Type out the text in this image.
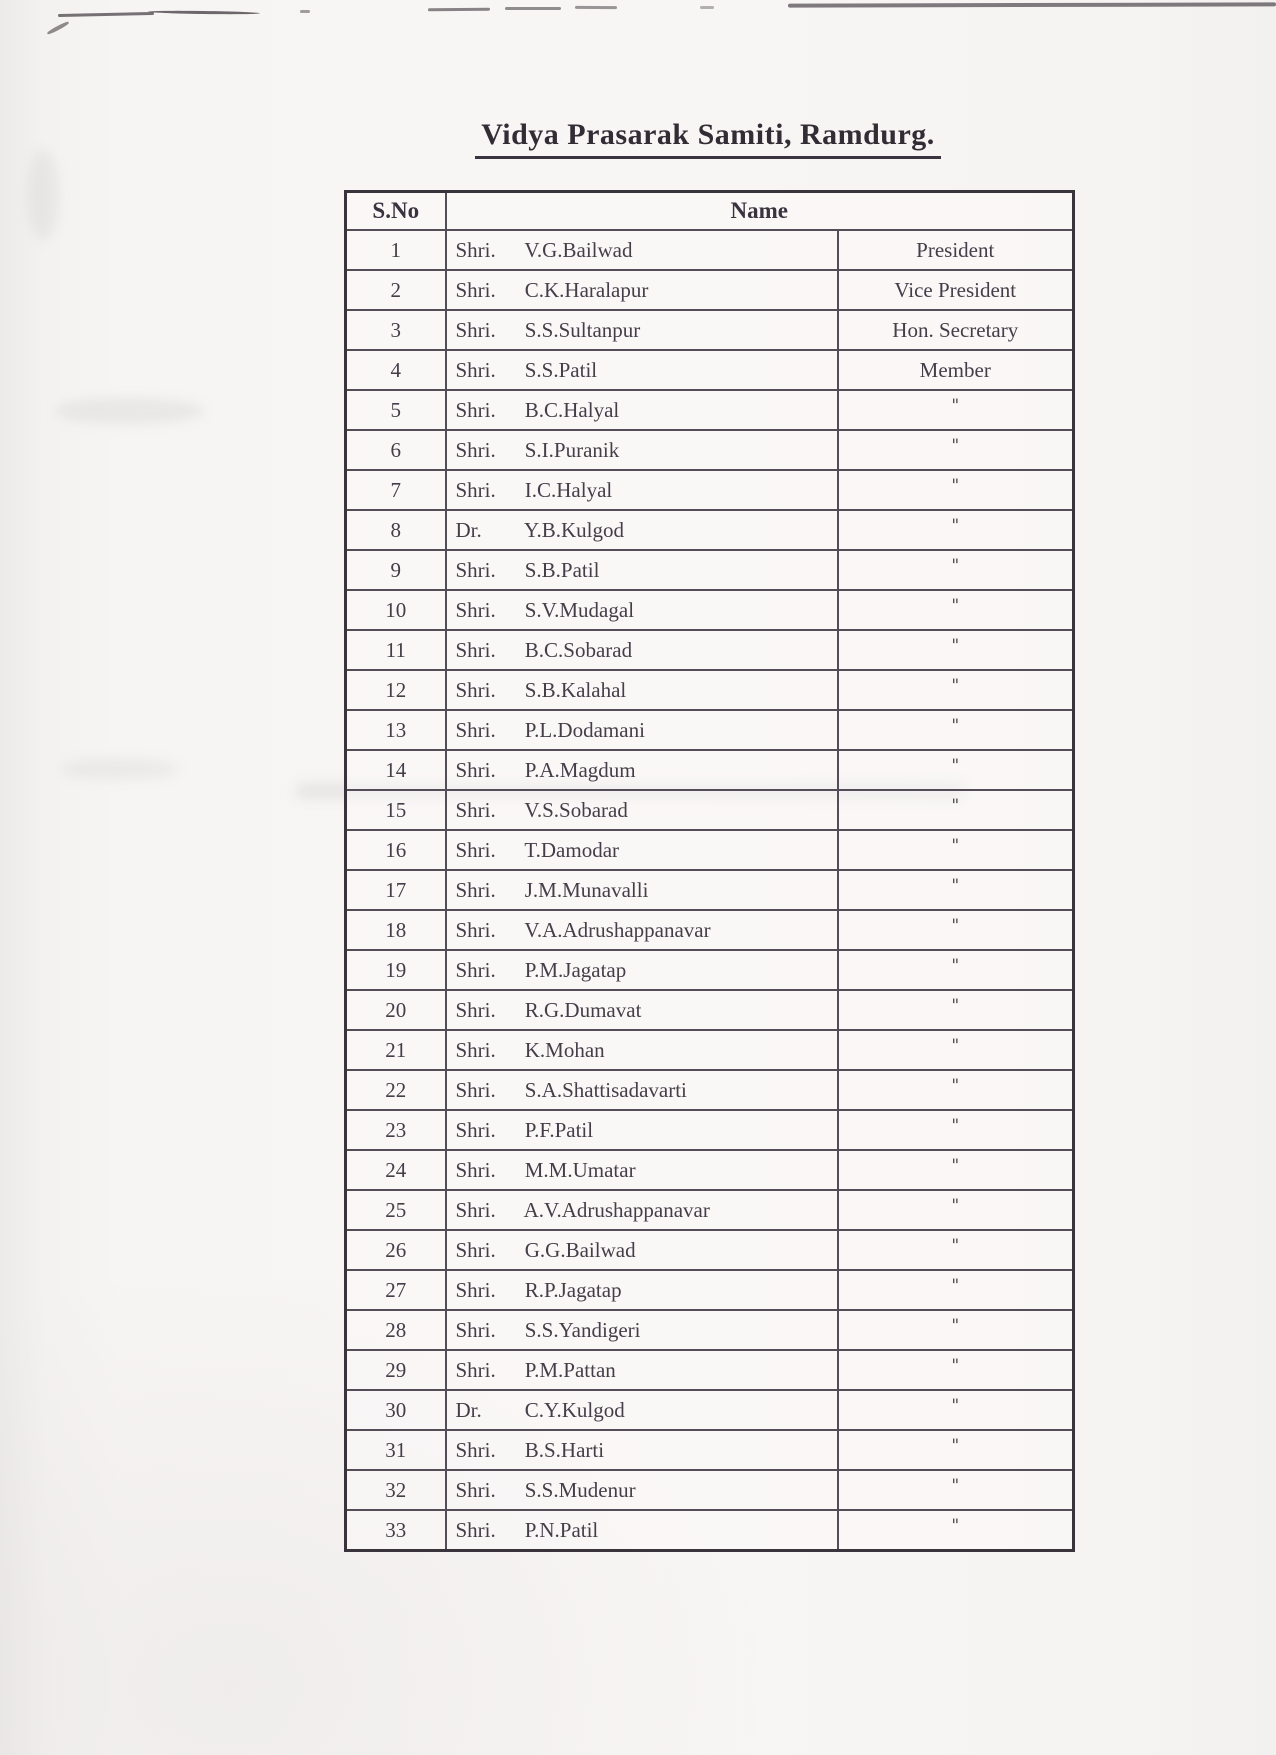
Vidya Prasarak Samiti, Ramdurg.
S.No	Name	
1	Shri. V.G.Bailwad	President
2	Shri. C.K.Haralapur	Vice President
3	Shri. S.S.Sultanpur	Hon. Secretary
4	Shri. S.S.Patil	Member
5	Shri. B.C.Halyal	"
6	Shri. S.I.Puranik	"
7	Shri. I.C.Halyal	"
8	Dr. Y.B.Kulgod	"
9	Shri. S.B.Patil	"
10	Shri. S.V.Mudagal	"
11	Shri. B.C.Sobarad	"
12	Shri. S.B.Kalahal	"
13	Shri. P.L.Dodamani	"
14	Shri. P.A.Magdum	"
15	Shri. V.S.Sobarad	"
16	Shri. T.Damodar	"
17	Shri. J.M.Munavalli	"
18	Shri. V.A.Adrushappanavar	"
19	Shri. P.M.Jagatap	"
20	Shri. R.G.Dumavat	"
21	Shri. K.Mohan	"
22	Shri. S.A.Shattisadavarti	"
23	Shri. P.F.Patil	"
24	Shri. M.M.Umatar	"
25	Shri. A.V.Adrushappanavar	"
26	Shri. G.G.Bailwad	"
27	Shri. R.P.Jagatap	"
28	Shri. S.S.Yandigeri	"
29	Shri. P.M.Pattan	"
30	Dr. C.Y.Kulgod	"
31	Shri. B.S.Harti	"
32	Shri. S.S.Mudenur	"
33	Shri. P.N.Patil	"
